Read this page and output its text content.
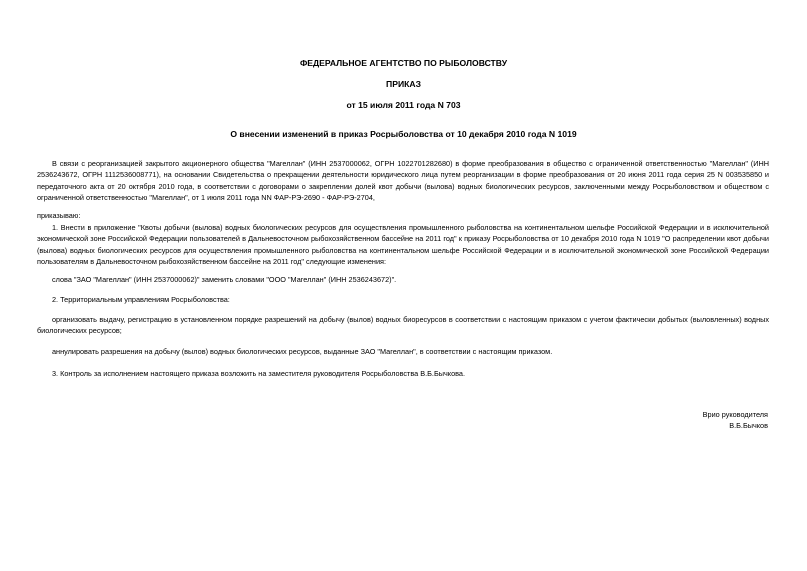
ФЕДЕРАЛЬНОЕ АГЕНТСТВО ПО РЫБОЛОВСТВУ
ПРИКАЗ
от 15 июля 2011 года N 703
О внесении изменений в приказ Росрыболовства от 10 декабря 2010 года N 1019

В связи с реорганизацией закрытого акционерного общества "Магеллан" (ИНН 2537000062, ОГРН 1022701282680) в форме преобразования в общество с ограниченной ответственностью "Магеллан" (ИНН 2536243672, ОГРН 1112536008771), на основании Свидетельства о прекращении деятельности юридического лица путем реорганизации в форме преобразования от 20 июня 2011 года серия 25 N 003535850 и передаточного акта от 20 октября 2010 года, в соответствии с договорами о закреплении долей квот добычи (вылова) водных биологических ресурсов, заключенными между Росрыболовством и обществом с ограниченной ответственностью "Магеллан", от 1 июля 2011 года NN ФАР-РЭ-2690 - ФАР-РЭ-2704,

приказываю:

1. Внести в приложение "Квоты добычи (вылова) водных биологических ресурсов для осуществления промышленного рыболовства на континентальном шельфе Российской Федерации и в исключительной экономической зоне Российской Федерации пользователей в Дальневосточном рыбохозяйственном бассейне на 2011 год" к приказу Росрыболовства от 10 декабря 2010 года N 1019 "О распределении квот добычи (вылова) водных биологических ресурсов для осуществления промышленного рыболовства на континентальном шельфе Российской Федерации и в исключительной экономической зоне Российской Федерации пользователям в Дальневосточном рыбохозяйственном бассейне на 2011 год" следующие изменения:

слова "ЗАО "Магеллан" (ИНН 2537000062)" заменить словами "ООО "Магеллан" (ИНН 2536243672)".

2. Территориальным управлениям Росрыболовства:

организовать выдачу, регистрацию в установленном порядке разрешений на добычу (вылов) водных биоресурсов в соответствии с настоящим приказом с учетом фактически добытых (выловленных) водных биологических ресурсов;

аннулировать разрешения на добычу (вылов) водных биологических ресурсов, выданные ЗАО "Магеллан", в соответствии с настоящим приказом.

3. Контроль за исполнением настоящего приказа возложить на заместителя руководителя Росрыболовства В.Б.Бычкова.

Врио руководителя
В.Б.Бычков
